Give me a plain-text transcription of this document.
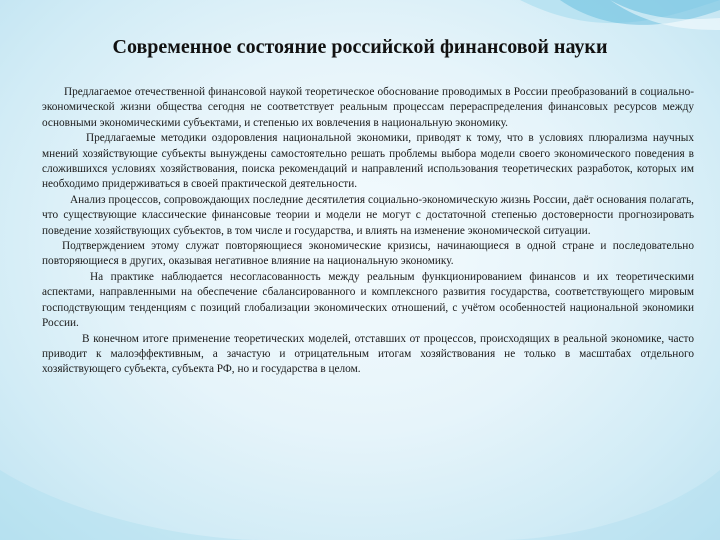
Современное состояние российской финансовой науки

Предлагаемое отечественной финансовой наукой теоретическое обоснование проводимых в России преобразований в социально-экономической жизни общества сегодня не соответствует реальным процессам перераспределения финансовых ресурсов между основными экономическими субъектами, и степенью их вовлечения в национальную экономику.

Предлагаемые методики оздоровления национальной экономики, приводят к тому, что в условиях плюрализма научных мнений хозяйствующие субъекты вынуждены самостоятельно решать проблемы выбора модели своего экономического поведения в сложившихся условиях хозяйствования, поиска рекомендаций и направлений использования теоретических разработок, которых им необходимо придерживаться в своей практической деятельности.

Анализ процессов, сопровождающих последние десятилетия социально-экономическую жизнь России, даёт основания полагать, что существующие классические финансовые теории и модели не могут с достаточной степенью достоверности прогнозировать поведение хозяйствующих субъектов, в том числе и государства, и влиять на изменение экономической ситуации.

Подтверждением этому служат повторяющиеся экономические кризисы, начинающиеся в одной стране и последовательно повторяющиеся в других, оказывая негативное влияние на национальную экономику.

На практике наблюдается несогласованность между реальным функционированием финансов и их теоретическими аспектами, направленными на обеспечение сбалансированного и комплексного развития государства, соответствующего мировым господствующим тенденциям с позиций глобализации экономических отношений, с учётом особенностей национальной экономики России.

В конечном итоге применение теоретических моделей, отставших от процессов, происходящих в реальной экономике, часто приводит к малоэффективным, а зачастую и отрицательным итогам хозяйствования не только в масштабах отдельного хозяйствующего субъекта, субъекта РФ, но и государства в целом.
